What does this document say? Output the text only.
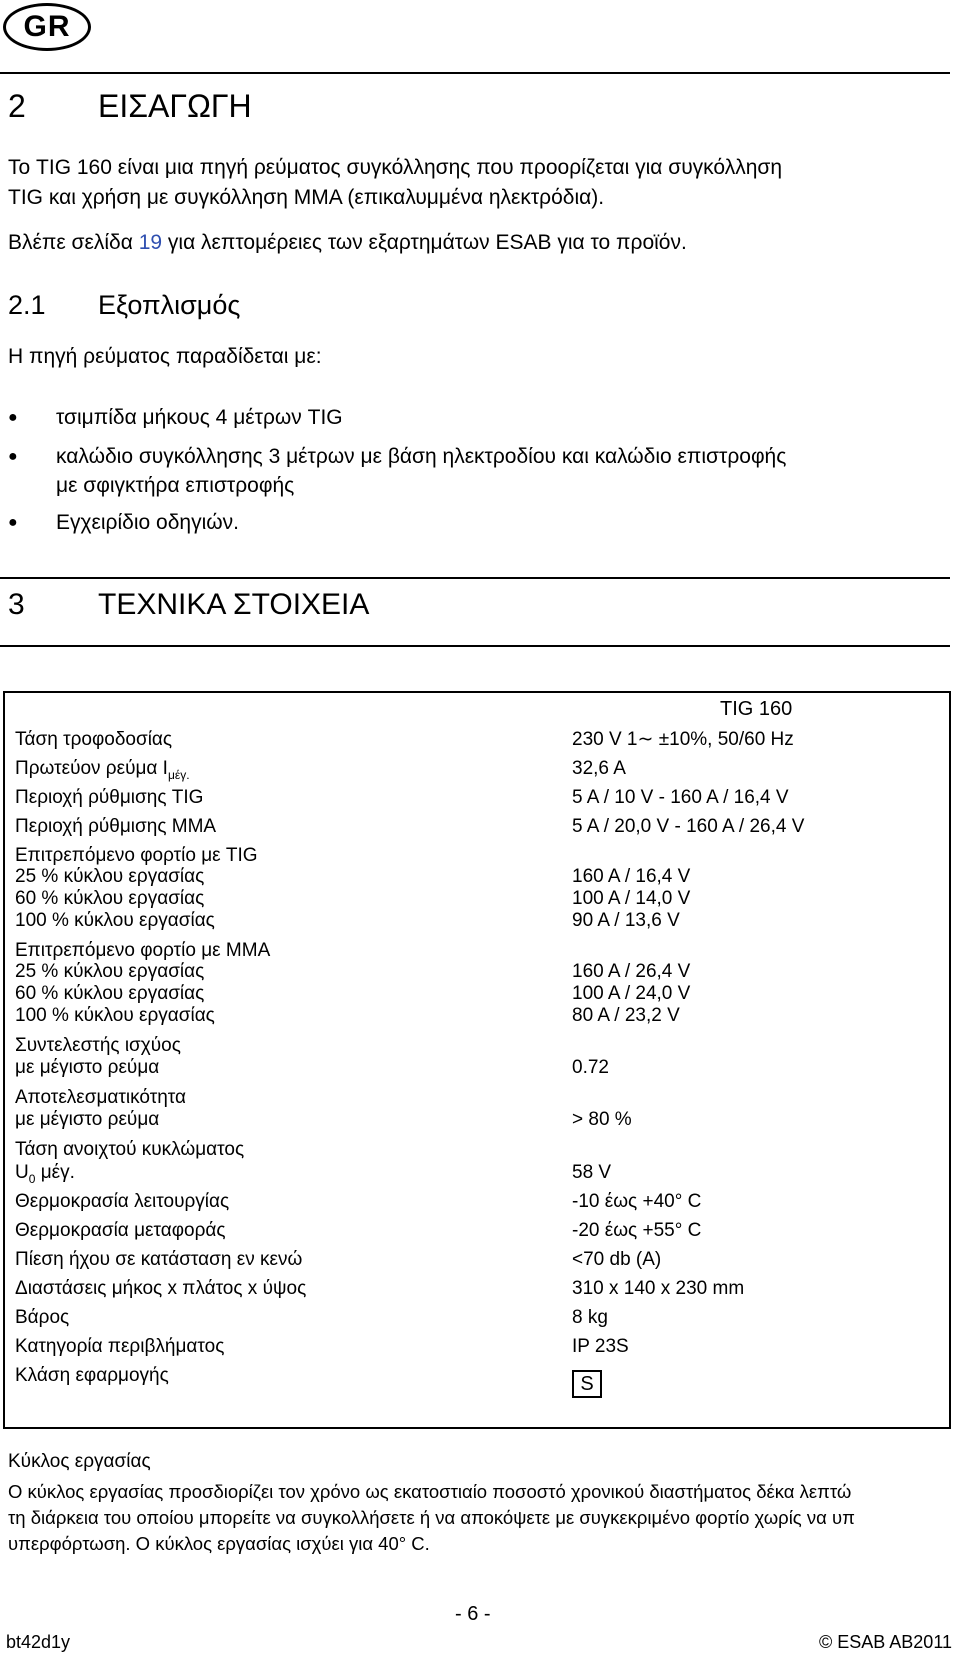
GR
2 ΕΙΣΑΓΩΓΗ
Το TIG 160 είναι μια πηγή ρεύματος συγκόλλησης που προορίζεται για συγκόλληση
TIG και χρήση με συγκόλληση ΜΜΑ (επικαλυμμένα ηλεκτρόδια).
Βλέπε σελίδα 19 για λεπτομέρειες των εξαρτημάτων ESAB για το προϊόν.
2.1 Εξοπλισμός
Η πηγή ρεύματος παραδίδεται με:
● τσιμπίδα μήκους 4 μέτρων TIG
● καλώδιο συγκόλλησης 3 μέτρων με βάση ηλεκτροδίου και καλώδιο επιστροφής
με σφιγκτήρα επιστροφής
● Εγχειρίδιο οδηγιών.
3 ΤΕΧΝΙΚΑ ΣΤΟΙΧΕΙΑ
TIG 160
Τάση τροφοδοσίας	230 V 1∼ ±10%, 50/60 Hz
Πρωτεύον ρεύμα $I_{\mu έ\gamma.}$	32,6 A
Περιοχή ρύθμισης TIG	5 A / 10 V - 160 A / 16,4 V
Περιοχή ρύθμισης MMA	5 A / 20,0 V - 160 A / 26,4 V
Επιτρεπόμενο φορτίο με TIG
25 % κύκλου εργασίας	160 A / 16,4 V
60 % κύκλου εργασίας	100 A / 14,0 V
100 % κύκλου εργασίας	90 A / 13,6 V
Επιτρεπόμενο φορτίο με MMA
25 % κύκλου εργασίας	160 A / 26,4 V
60 % κύκλου εργασίας	100 A / 24,0 V
100 % κύκλου εργασίας	80 A / 23,2 V
Συντελεστής ισχύος
με μέγιστο ρεύμα	0.72
Αποτελεσματικότητα
με μέγιστο ρεύμα	> 80 %
Τάση ανοιχτού κυκλώματος
$U_0$ μέγ.	58 V
Θερμοκρασία λειτουργίας	-10 έως +40° C
Θερμοκρασία μεταφοράς	-20 έως +55° C
Πίεση ήχου σε κατάσταση εν κενώ	<70 db (A)
Διαστάσεις μήκος x πλάτος x ύψος	310 x 140 x 230 mm
Βάρος	8 kg
Κατηγορία περιβλήματος	IP 23S
Κλάση εφαρμογής	S
Κύκλος εργασίας
Ο κύκλος εργασίας προσδιορίζει τον χρόνο ως εκατοστιαίο ποσοστό χρονικού διαστήματος δέκα λεπτώ
τη διάρκεια του οποίου μπορείτε να συγκολλήσετε ή να αποκόψετε με συγκεκριμένο φορτίο χωρίς να υπ
υπερφόρτωση. Ο κύκλος εργασίας ισχύει για 40° C.
- 6 -
bt42d1y	© ESAB AB2011
